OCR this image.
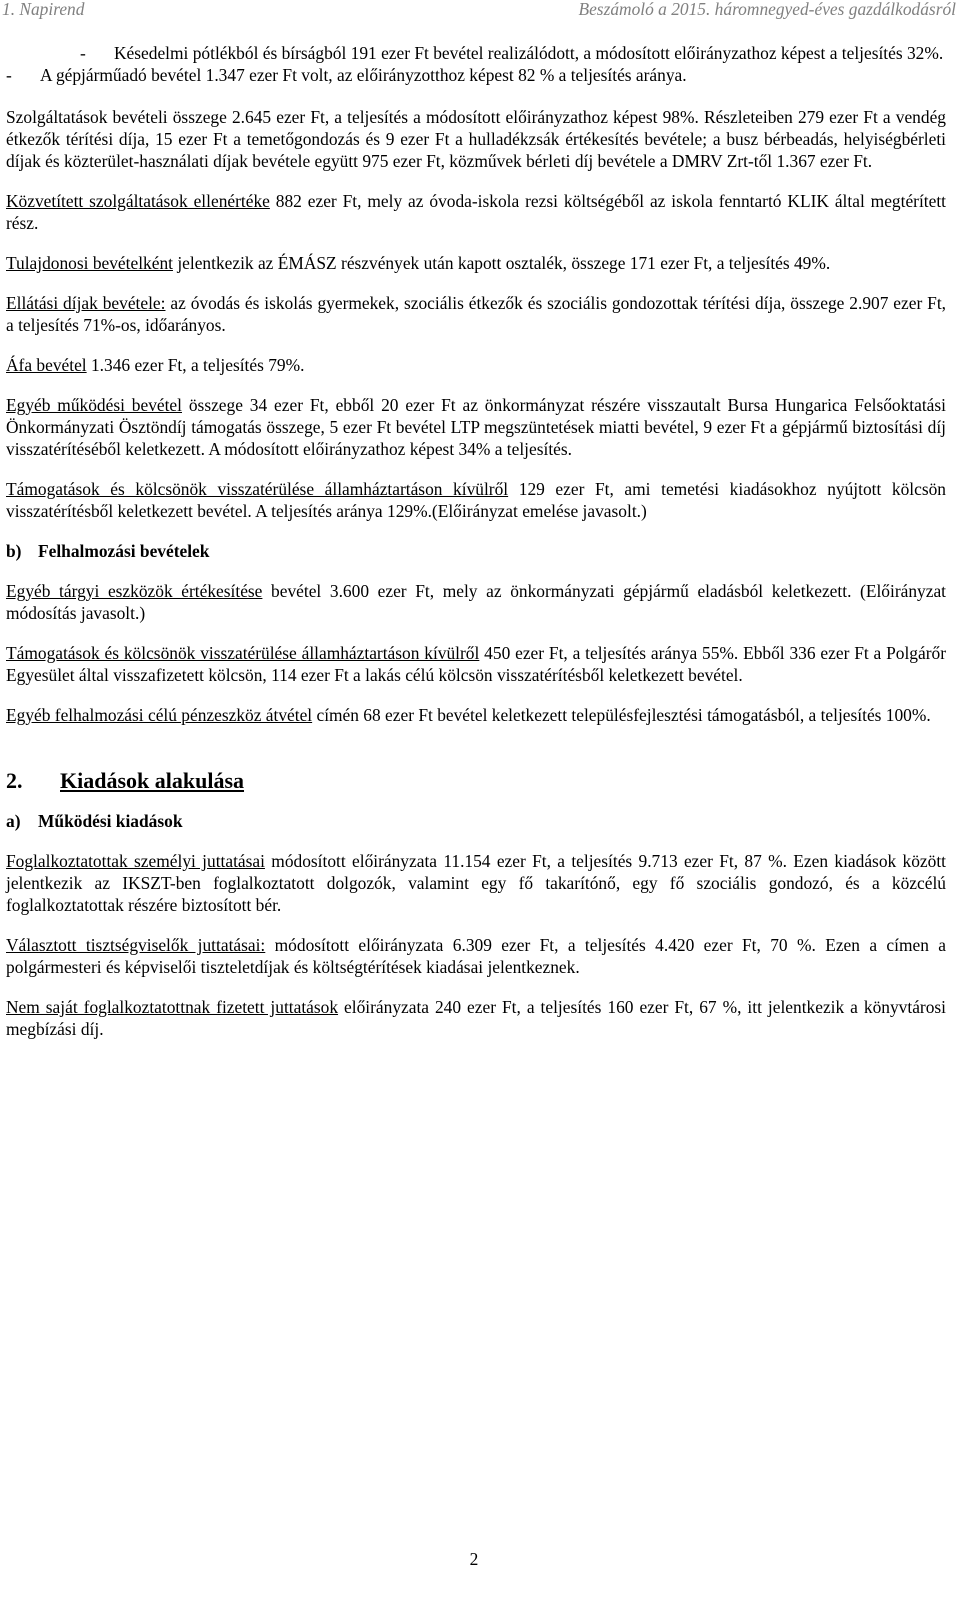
1. Napirend	Beszámoló a 2015. háromnegyed-éves gazdálkodásról
-	Késedelmi pótlékból és bírságból 191 ezer Ft bevétel realizálódott, a módosított előirányzathoz képest a teljesítés 32%.
-	A gépjárműadó bevétel 1.347 ezer Ft volt, az előirányzotthoz képest 82 % a teljesítés aránya.

Szolgáltatások bevételi összege 2.645 ezer Ft, a teljesítés a módosított előirányzathoz képest 98%. Részleteiben 279 ezer Ft a vendég étkezők térítési díja, 15 ezer Ft a temetőgondozás és 9 ezer Ft a hulladékzsák értékesítés bevétele; a busz bérbeadás, helyiségbérleti díjak és közterület-használati díjak bevétele együtt 975 ezer Ft, közművek bérleti díj bevétele a DMRV Zrt-től 1.367 ezer Ft.

Közvetített szolgáltatások ellenértéke 882 ezer Ft, mely az óvoda-iskola rezsi költségéből az iskola fenntartó KLIK által megtérített rész.

Tulajdonosi bevételként jelentkezik az ÉMÁSZ részvények után kapott osztalék, összege 171 ezer Ft, a teljesítés 49%.

Ellátási díjak bevétele: az óvodás és iskolás gyermekek, szociális étkezők és szociális gondozottak térítési díja, összege 2.907 ezer Ft, a teljesítés 71%-os, időarányos.

Áfa bevétel 1.346 ezer Ft, a teljesítés 79%.

Egyéb működési bevétel összege 34 ezer Ft, ebből 20 ezer Ft az önkormányzat részére visszautalt Bursa Hungarica Felsőoktatási Önkormányzati Ösztöndíj támogatás összege, 5 ezer Ft bevétel LTP megszüntetések miatti bevétel, 9 ezer Ft a gépjármű biztosítási díj visszatérítéséből keletkezett. A módosított előirányzathoz képest 34% a teljesítés.

Támogatások és kölcsönök visszatérülése államháztartáson kívülről 129 ezer Ft, ami temetési kiadásokhoz nyújtott kölcsön visszatérítésből keletkezett bevétel. A teljesítés aránya 129%.(Előirányzat emelése javasolt.)

b) Felhalmozási bevételek

Egyéb tárgyi eszközök értékesítése bevétel 3.600 ezer Ft, mely az önkormányzati gépjármű eladásból keletkezett. (Előirányzat módosítás javasolt.)

Támogatások és kölcsönök visszatérülése államháztartáson kívülről 450 ezer Ft, a teljesítés aránya 55%. Ebből 336 ezer Ft a Polgárőr Egyesület által visszafizetett kölcsön, 114 ezer Ft a lakás célú kölcsön visszatérítésből keletkezett bevétel.

Egyéb felhalmozási célú pénzeszköz átvétel címén 68 ezer Ft bevétel keletkezett településfejlesztési támogatásból, a teljesítés 100%.

2. Kiadások alakulása
a) Működési kiadások

Foglalkoztatottak személyi juttatásai módosított előirányzata 11.154 ezer Ft, a teljesítés 9.713 ezer Ft, 87 %. Ezen kiadások között jelentkezik az IKSZT-ben foglalkoztatott dolgozók, valamint egy fő takarítónő, egy fő szociális gondozó, és a közcélú foglalkoztatottak részére biztosított bér.

Választott tisztségviselők juttatásai: módosított előirányzata 6.309 ezer Ft, a teljesítés 4.420 ezer Ft, 70 %. Ezen a címen a polgármesteri és képviselői tiszteletdíjak és költségtérítések kiadásai jelentkeznek.

Nem saját foglalkoztatottnak fizetett juttatások előirányzata 240 ezer Ft, a teljesítés 160 ezer Ft, 67 %, itt jelentkezik a könyvtárosi megbízási díj.

2
